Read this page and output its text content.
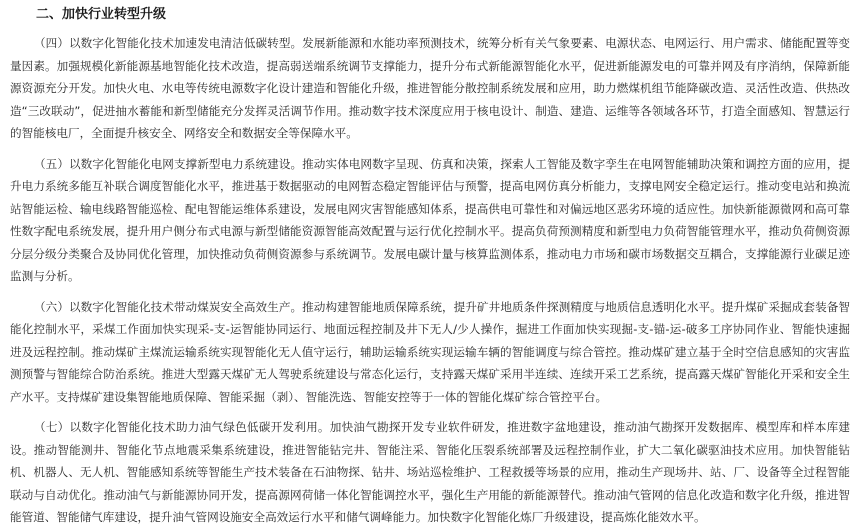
二、加快行业转型升级

（四）以数字化智能化技术加速发电清洁低碳转型。发展新能源和水能功率预测技术，统筹分析有关气象要素、电源状态、电网运行、用户需求、储能配置等变量因素。加强规模化新能源基地智能化技术改造，提高弱送端系统调节支撑能力，提升分布式新能源智能化水平，促进新能源发电的可靠并网及有序消纳，保障新能源资源充分开发。加快火电、水电等传统电源数字化设计建造和智能化升级，推进智能分散控制系统发展和应用，助力燃煤机组节能降碳改造、灵活性改造、供热改造“三改联动”，促进抽水蓄能和新型储能充分发挥灵活调节作用。推动数字技术深度应用于核电设计、制造、建造、运维等各领域各环节，打造全面感知、智慧运行的智能核电厂，全面提升核安全、网络安全和数据安全等保障水平。

（五）以数字化智能化电网支撑新型电力系统建设。推动实体电网数字呈现、仿真和决策，探索人工智能及数字孪生在电网智能辅助决策和调控方面的应用，提升电力系统多能互补联合调度智能化水平，推进基于数据驱动的电网暂态稳定智能评估与预警，提高电网仿真分析能力，支撑电网安全稳定运行。推动变电站和换流站智能运检、输电线路智能巡检、配电智能运维体系建设，发展电网灾害智能感知体系，提高供电可靠性和对偏远地区恶劣环境的适应性。加快新能源微网和高可靠性数字配电系统发展，提升用户侧分布式电源与新型储能资源智能高效配置与运行优化控制水平。提高负荷预测精度和新型电力负荷智能管理水平，推动负荷侧资源分层分级分类聚合及协同优化管理，加快推动负荷侧资源参与系统调节。发展电碳计量与核算监测体系，推动电力市场和碳市场数据交互耦合，支撑能源行业碳足迹监测与分析。

（六）以数字化智能化技术带动煤炭安全高效生产。推动构建智能地质保障系统，提升矿井地质条件探测精度与地质信息透明化水平。提升煤矿采掘成套装备智能化控制水平，采煤工作面加快实现采-支-运智能协同运行、地面远程控制及井下无人/少人操作，掘进工作面加快实现掘-支-锚-运-破多工序协同作业、智能快速掘进及远程控制。推动煤矿主煤流运输系统实现智能化无人值守运行，辅助运输系统实现运输车辆的智能调度与综合管控。推动煤矿建立基于全时空信息感知的灾害监测预警与智能综合防治系统。推进大型露天煤矿无人驾驶系统建设与常态化运行，支持露天煤矿采用半连续、连续开采工艺系统，提高露天煤矿智能化开采和安全生产水平。支持煤矿建设集智能地质保障、智能采掘（剥）、智能洗选、智能安控等于一体的智能化煤矿综合管控平台。

（七）以数字化智能化技术助力油气绿色低碳开发利用。加快油气勘探开发专业软件研发，推进数字盆地建设，推动油气勘探开发数据库、模型库和样本库建设。推动智能测井、智能化节点地震采集系统建设，推进智能钻完井、智能注采、智能化压裂系统部署及远程控制作业，扩大二氧化碳驱油技术应用。加快智能钻机、机器人、无人机、智能感知系统等智能生产技术装备在石油物探、钻井、场站巡检维护、工程救援等场景的应用，推动生产现场井、站、厂、设备等全过程智能联动与自动优化。推动油气与新能源协同开发，提高源网荷储一体化智能调控水平，强化生产用能的新能源替代。推动油气管网的信息化改造和数字化升级，推进智能管道、智能储气库建设，提升油气管网设施安全高效运行水平和储气调峰能力。加快数字化智能化炼厂升级建设，提高炼化能效水平。
